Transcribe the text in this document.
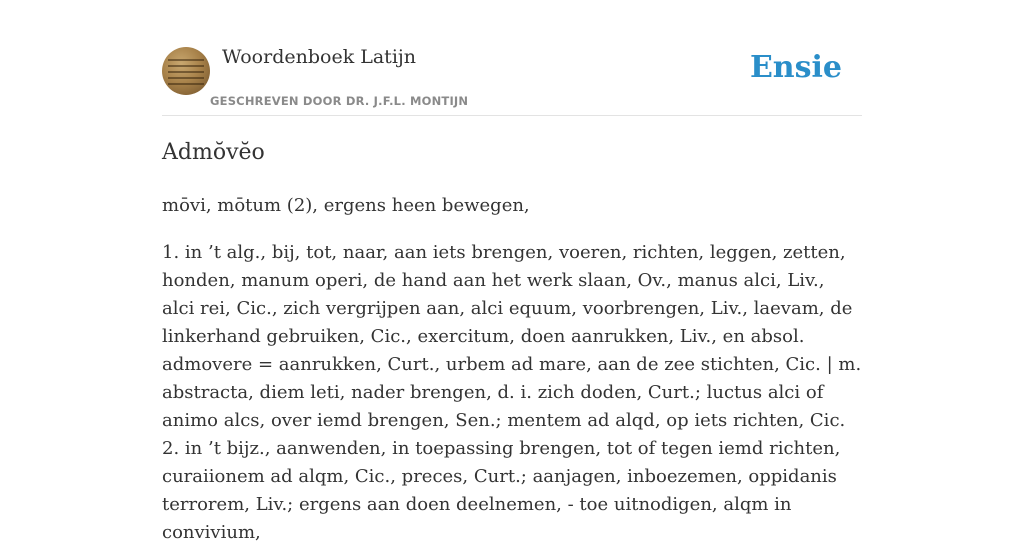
Woordenboek Latijn
GESCHREVEN DOOR DR. J.F.L. MONTIJN
Ensie
Admŏvĕo

mōvi, mōtum (2), ergens heen bewegen,

1. in ’t alg., bij, tot, naar, aan iets brengen, voeren, richten, leggen, zetten, honden, manum operi, de hand aan het werk slaan, Ov., manus alci, Liv., alci rei, Cic., zich vergrijpen aan, alci equum, voorbrengen, Liv., laevam, de linkerhand gebruiken, Cic., exercitum, doen aanrukken, Liv., en absol. admovere = aanrukken, Curt., urbem ad mare, aan de zee stichten, Cic. | m. abstracta, diem leti, nader brengen, d. i. zich doden, Curt.; luctus alci of animo alcs, over iemd brengen, Sen.; mentem ad alqd, op iets richten, Cic.

2. in ’t bijz., aanwenden, in toepassing brengen, tot of tegen iemd richten, curaiionem ad alqm, Cic., preces, Curt.; aanjagen, inboezemen, oppidanis terrorem, Liv.; ergens aan doen deelnemen, - toe uitnodigen, alqm in convivium,
